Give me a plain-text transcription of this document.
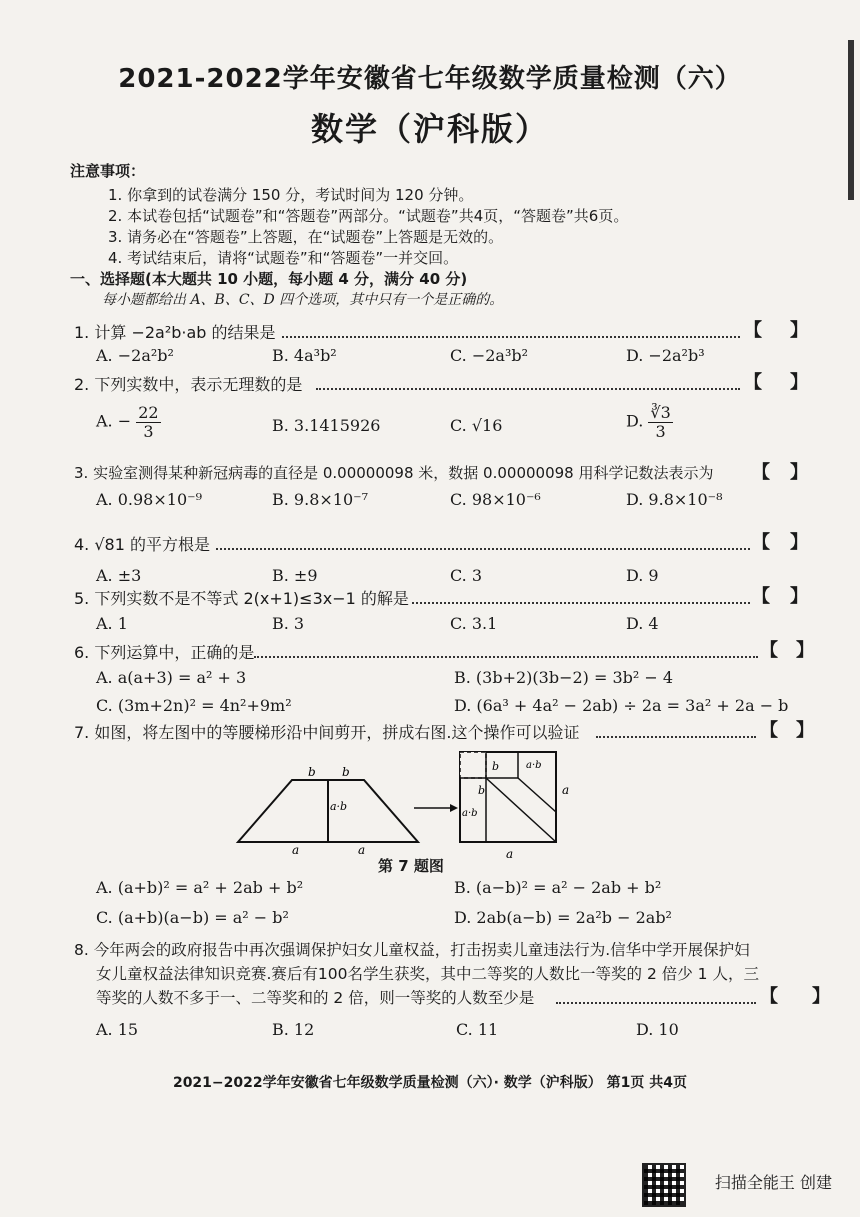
2021-2022学年安徽省七年级数学质量检测（六）
数学（沪科版）
注意事项：
1. 你拿到的试卷满分 150 分，考试时间为 120 分钟。
2. 本试卷包括“试题卷”和“答题卷”两部分。“试题卷”共4页，“答题卷”共6页。
3. 请务必在“答题卷”上答题，在“试题卷”上答题是无效的。
4. 考试结束后，请将“试题卷”和“答题卷”一并交回。
一、选择题(本大题共 10 小题，每小题 4 分，满分 40 分)
每小题都给出 A、B、C、D 四个选项，其中只有一个是正确的。
1. 计算 −2a²b·ab 的结果是	【 】
A. −2a²b²	B. 4a³b²	C. −2a³b²	D. −2a²b³
2. 下列实数中，表示无理数的是	【 】
A. − $\frac{22}{3}$	B. 3.1415926	C. √16	D. $\frac{∛3}{3}$
3. 实验室测得某种新冠病毒的直径是 0.00000098 米，数据 0.00000098 用科学记数法表示为 【 】
A. 0.98×10⁻⁹	B. 9.8×10⁻⁷	C. 98×10⁻⁶	D. 9.8×10⁻⁸
4. √81 的平方根是	【 】
A. ±3	B. ±9	C. 3	D. 9
5. 下列实数不是不等式 2(x+1)≤3x−1 的解是	【 】
A. 1	B. 3	C. 3.1	D. 4
6. 下列运算中，正确的是	【 】
A. a(a+3) = a² + 3	B. (3b+2)(3b−2) = 3b² − 4
C. (3m+2n)² = 4n²+9m²	D. (6a³ + 4a² − 2ab) ÷ 2a = 3a² + 2a − b
7. 如图，将左图中的等腰梯形沿中间剪开，拼成右图.这个操作可以验证	【 】
b b
a·b
a	a
a·b
b
b
a·b
a
a
第 7 题图
A. (a+b)² = a² + 2ab + b²	B. (a−b)² = a² − 2ab + b²
C. (a+b)(a−b) = a² − b²	D. 2ab(a−b) = 2a²b − 2ab²
8. 今年两会的政府报告中再次强调保护妇女儿童权益，打击拐卖儿童违法行为.信华中学开展保护妇
女儿童权益法律知识竞赛.赛后有100名学生获奖，其中二等奖的人数比一等奖的 2 倍少 1 人，三
等奖的人数不多于一、二等奖和的 2 倍，则一等奖的人数至少是	【 】
A. 15	B. 12	C. 11	D. 10
2021−2022学年安徽省七年级数学质量检测（六）· 数学（沪科版） 第1页 共4页
扫描全能王 创建
